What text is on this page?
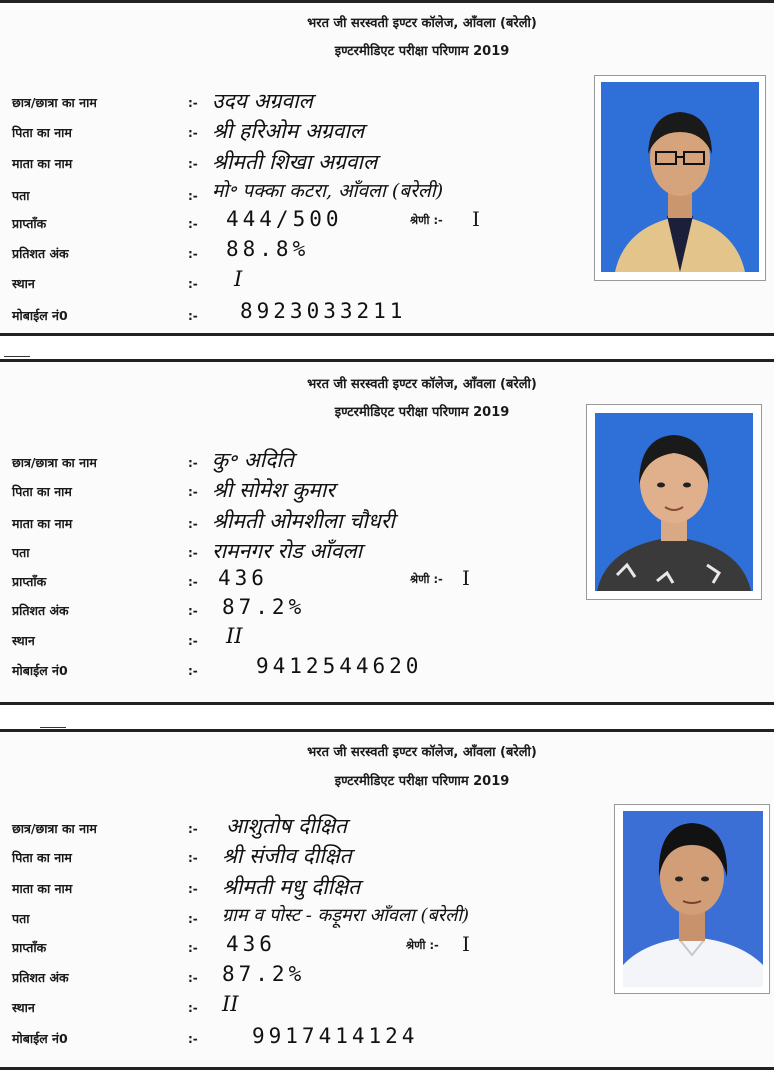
भरत जी सरस्वती इण्टर कॉलेज, आँवला (बरेली)
इण्टरमीडिएट परीक्षा परिणाम 2019
छात्र/छात्रा का नाम
पिता का नाम
माता का नाम
पता
प्राप्ताँक
प्रतिशत अंक
स्थान
मोबाईल नं0
:-
:-
:-
:-
:-
:-
:-
:-
उदय अग्रवाल
श्री हरिओम अग्रवाल
श्रीमती शिखा अग्रवाल
मो॰ पक्का कटरा, आँवला (बरेली)
444/500
88.8%
I
8923033211
श्रेणी :- I
भरत जी सरस्वती इण्टर कॉलेज, आँवला (बरेली)
इण्टरमीडिएट परीक्षा परिणाम 2019
छात्र/छात्रा का नाम
पिता का नाम
माता का नाम
पता
प्राप्ताँक
प्रतिशत अंक
स्थान
मोबाईल नं0
:-
:-
:-
:-
:-
:-
:-
:-
कु॰ अदिति
श्री सोमेश कुमार
श्रीमती ओमशीला चौधरी
रामनगर रोड आँवला
436
87.2%
II
9412544620
श्रेणी :- I
भरत जी सरस्वती इण्टर कॉलेज, आँवला (बरेली)
इण्टरमीडिएट परीक्षा परिणाम 2019
छात्र/छात्रा का नाम
पिता का नाम
माता का नाम
पता
प्राप्ताँक
प्रतिशत अंक
स्थान
मोबाईल नं0
:-
:-
:-
:-
:-
:-
:-
:-
आशुतोष दीक्षित
श्री संजीव दीक्षित
श्रीमती मधु दीक्षित
ग्राम व पोस्ट - कड़ूमरा आँवला (बरेली)
436
87.2%
II
9917414124
श्रेणी :- I
